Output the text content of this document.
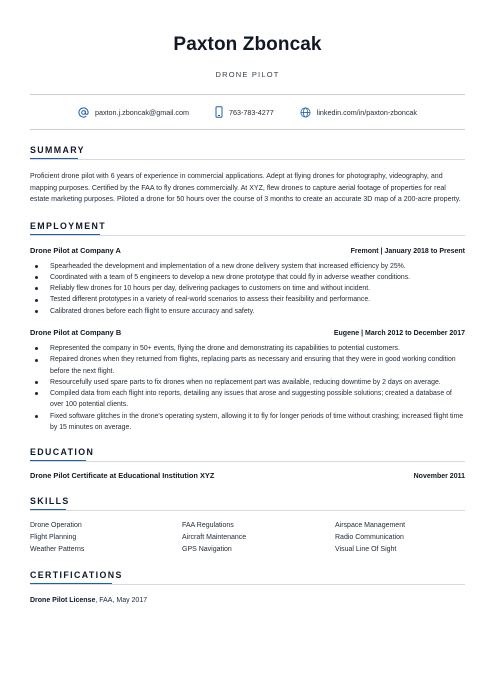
Paxton Zboncak
DRONE PILOT
paxton.j.zboncak@gmail.com	763-783-4277	linkedin.com/in/paxton-zboncak
SUMMARY

Proficient drone pilot with 6 years of experience in commercial applications. Adept at flying drones for photography, videography, and mapping purposes. Certified by the FAA to fly drones commercially. At XYZ, flew drones to capture aerial footage of properties for real estate marketing purposes. Piloted a drone for 50 hours over the course of 3 months to create an accurate 3D map of a 200-acre property.

EMPLOYMENT
Drone Pilot at Company A	Fremont | January 2018 to Present
Spearheaded the development and implementation of a new drone delivery system that increased efficiency by 25%.
Coordinated with a team of 5 engineers to develop a new drone prototype that could fly in adverse weather conditions.
Reliably flew drones for 10 hours per day, delivering packages to customers on time and without incident.
Tested different prototypes in a variety of real-world scenarios to assess their feasibility and performance.
Calibrated drones before each flight to ensure accuracy and safety.
Drone Pilot at Company B	Eugene | March 2012 to December 2017
Represented the company in 50+ events, flying the drone and demonstrating its capabilities to potential customers.
Repaired drones when they returned from flights, replacing parts as necessary and ensuring that they were in good working condition before the next flight.
Resourcefully used spare parts to fix drones when no replacement part was available, reducing downtime by 2 days on average.
Compiled data from each flight into reports, detailing any issues that arose and suggesting possible solutions; created a database of over 100 potential clients.
Fixed software glitches in the drone's operating system, allowing it to fly for longer periods of time without crashing; increased flight time by 15 minutes on average.
EDUCATION
Drone Pilot Certificate at Educational Institution XYZ	November 2011
SKILLS
Drone Operation	FAA Regulations	Airspace Management
Flight Planning	Aircraft Maintenance	Radio Communication
Weather Patterns	GPS Navigation	Visual Line Of Sight
CERTIFICATIONS
Drone Pilot License, FAA, May 2017
